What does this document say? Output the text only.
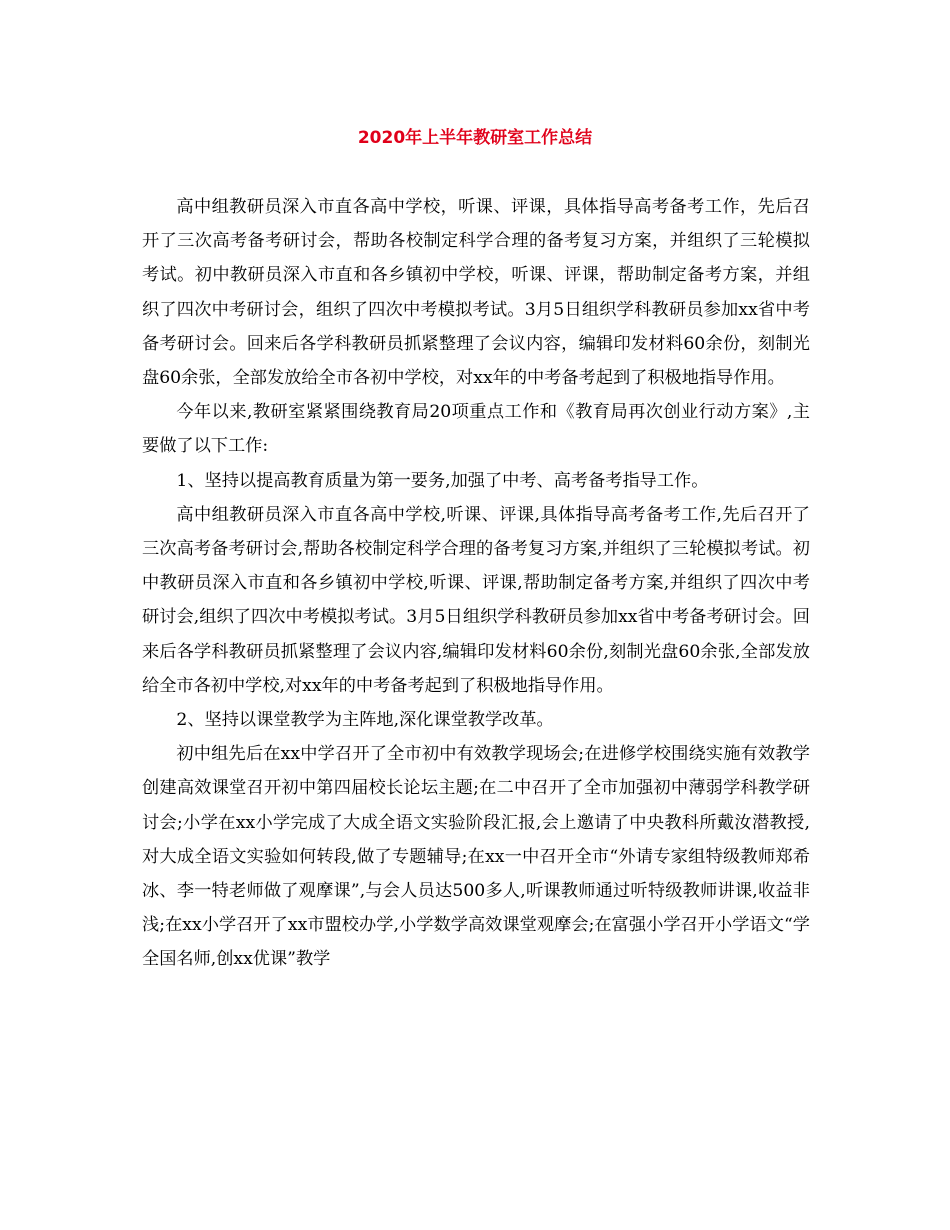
2020年上半年教研室工作总结

高中组教研员深入市直各高中学校，听课、评课，具体指导高考备考工作，先后召开了三次高考备考研讨会，帮助各校制定科学合理的备考复习方案，并组织了三轮模拟考试。初中教研员深入市直和各乡镇初中学校，听课、评课，帮助制定备考方案，并组织了四次中考研讨会，组织了四次中考模拟考试。3月5日组织学科教研员参加xx省中考备考研讨会。回来后各学科教研员抓紧整理了会议内容，编辑印发材料60余份，刻制光盘60余张，全部发放给全市各初中学校，对xx年的中考备考起到了积极地指导作用。

今年以来,教研室紧紧围绕教育局20项重点工作和《教育局再次创业行动方案》,主要做了以下工作:

1、坚持以提高教育质量为第一要务,加强了中考、高考备考指导工作。

高中组教研员深入市直各高中学校,听课、评课,具体指导高考备考工作,先后召开了三次高考备考研讨会,帮助各校制定科学合理的备考复习方案,并组织了三轮模拟考试。初中教研员深入市直和各乡镇初中学校,听课、评课,帮助制定备考方案,并组织了四次中考研讨会,组织了四次中考模拟考试。3月5日组织学科教研员参加xx省中考备考研讨会。回来后各学科教研员抓紧整理了会议内容,编辑印发材料60余份,刻制光盘60余张,全部发放给全市各初中学校,对xx年的中考备考起到了积极地指导作用。

2、坚持以课堂教学为主阵地,深化课堂教学改革。

初中组先后在xx中学召开了全市初中有效教学现场会;在进修学校围绕实施有效教学创建高效课堂召开初中第四届校长论坛主题;在二中召开了全市加强初中薄弱学科教学研讨会;小学在xx小学完成了大成全语文实验阶段汇报,会上邀请了中央教科所戴汝潜教授,对大成全语文实验如何转段,做了专题辅导;在xx一中召开全市“外请专家组特级教师郑希冰、李一特老师做了观摩课”,与会人员达500多人,听课教师通过听特级教师讲课,收益非浅;在xx小学召开了xx市盟校办学,小学数学高效课堂观摩会;在富强小学召开小学语文“学全国名师,创xx优课”教学
